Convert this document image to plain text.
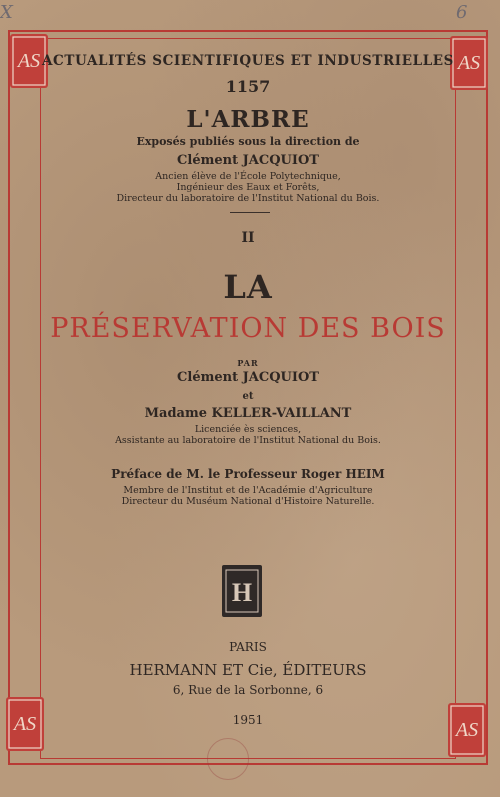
AS	AS
AS	AS
X	6
ACTUALITÉS SCIENTIFIQUES ET INDUSTRIELLES
1157
L'ARBRE
Exposés publiés sous la direction de
Clément JACQUIOT
Ancien élève de l'École Polytechnique,
Ingénieur des Eaux et Forêts,
Directeur du laboratoire de l'Institut National du Bois.
II
LA
PRÉSERVATION DES BOIS
PAR
Clément JACQUIOT
et
Madame KELLER-VAILLANT
Licenciée ès sciences,
Assistante au laboratoire de l'Institut National du Bois.
Préface de M. le Professeur Roger HEIM
Membre de l'Institut et de l'Académie d'Agriculture
Directeur du Muséum National d'Histoire Naturelle.
H
PARIS
HERMANN ET Cie, ÉDITEURS
6, Rue de la Sorbonne, 6
1951
